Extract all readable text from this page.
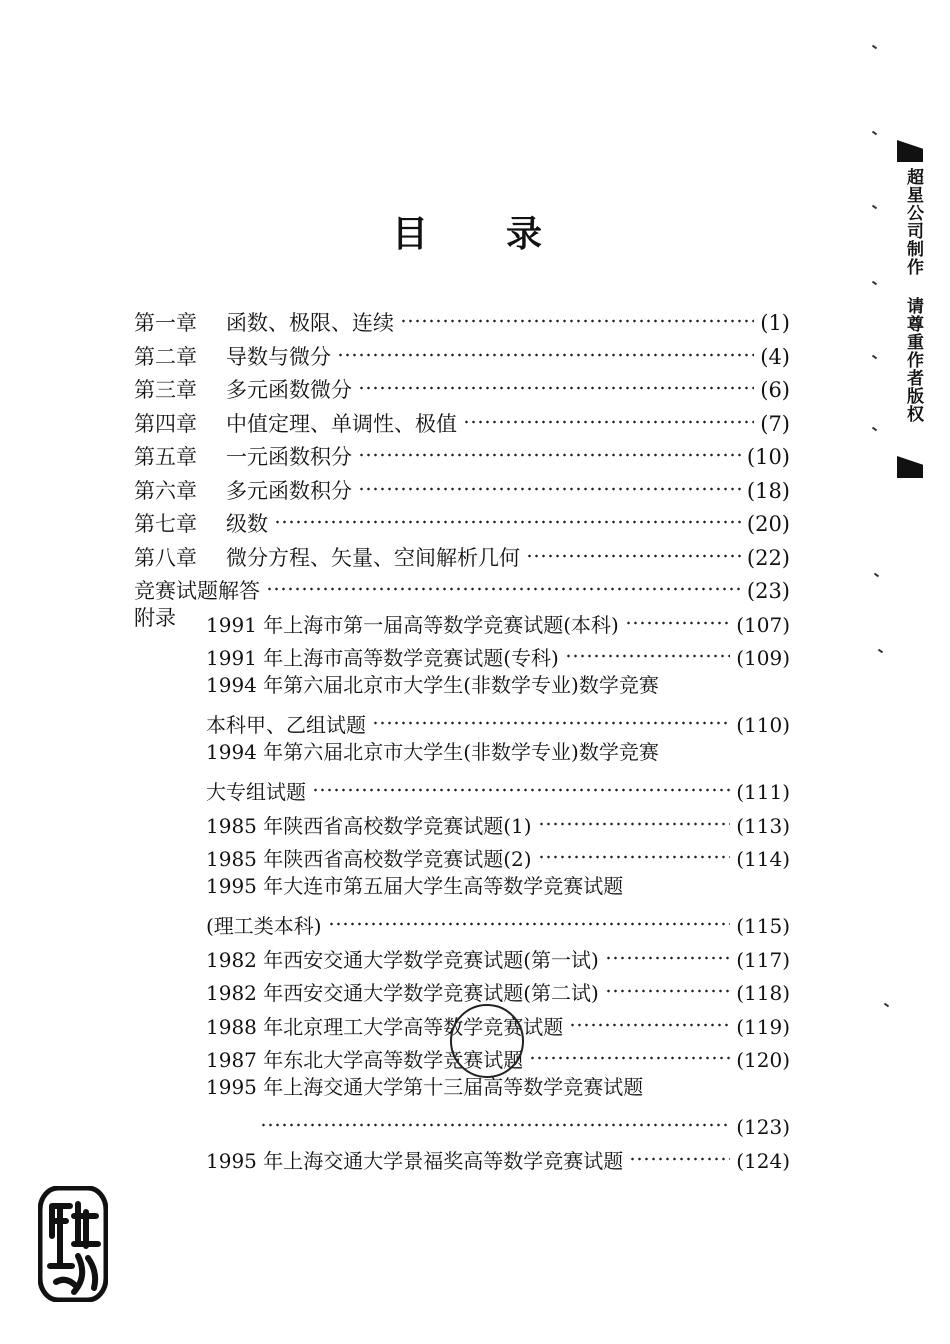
目 录
第一章	函数、极限、连续	(1)
第二章	导数与微分	(4)
第三章	多元函数微分	(6)
第四章	中值定理、单调性、极值	(7)
第五章	一元函数积分	(10)
第六章	多元函数积分	(18)
第七章	级数	(20)
第八章	微分方程、矢量、空间解析几何	(22)
竞赛试题解答	(23)
附录 1991 年上海市第一届高等数学竞赛试题(本科)	(107)
1991 年上海市高等数学竞赛试题(专科)	(109)
1994 年第六届北京市大学生(非数学专业)数学竞赛
本科甲、乙组试题	(110)
1994 年第六届北京市大学生(非数学专业)数学竞赛
大专组试题	(111)
1985 年陕西省高校数学竞赛试题(1)	(113)
1985 年陕西省高校数学竞赛试题(2)	(114)
1995 年大连市第五届大学生高等数学竞赛试题
(理工类本科)	(115)
1982 年西安交通大学数学竞赛试题(第一试)	(117)
1982 年西安交通大学数学竞赛试题(第二试)	(118)
1988 年北京理工大学高等数学竞赛试题	(119)
1987 年东北大学高等数学竞赛试题	(120)
1995 年上海交通大学第十三届高等数学竞赛试题
(123)
1995 年上海交通大学景福奖高等数学竞赛试题	(124)
超星公司制作 请尊重作者版权
